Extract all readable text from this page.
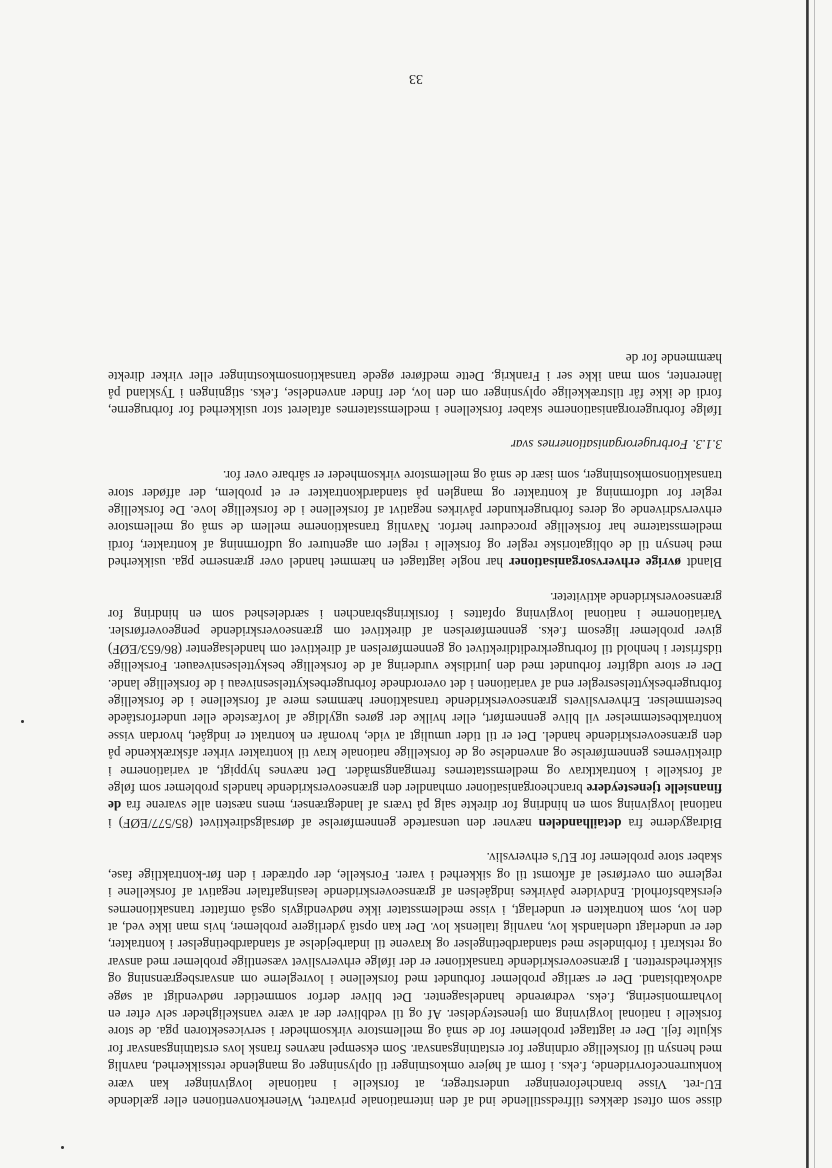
disse som oftest dækkes tilfredsstillende ind af den internationale privatret, Wienerkonventionen eller gældende EU-ret. Visse brancheforeninger understreger, at forskelle i nationale lovgivninger kan være konkurrenceforvridende, f.eks. i form af højere omkostninger til oplysninger og manglende retssikkerhed, navnlig med hensyn til forskellige ordninger for erstatningsansvar. Som eksempel nævnes fransk lovs erstatningsansvar for skjulte fejl. Der er iagttaget problemer for de små og mellemstore virksomheder i servicesektoren pga. de store forskelle i national lovgivning om tjenesteydelser. Af og til vedbliver der at være vanskeligheder selv efter en lovharmonisering, f.eks. vedrørende handelsagenter. Det bliver derfor sommetider nødvendigt at søge advokatbistand. Der er særlige problemer forbundet med forskellene i lovreglerne om ansvarsbegrænsning og sikkerhedsretten. I grænseoverskridende transaktioner er der ifølge erhvervslivet væsentlige problemer med ansvar og retskraft i forbindelse med standardbetingelser og kravene til indarbejdelse af standardbetingelser i kontrakter, der er underlagt udenlandsk lov, navnlig italiensk lov. Der kan opstå yderligere problemer, hvis man ikke ved, at den lov, som kontrakten er underlagt, i visse medlemsstater ikke nødvendigvis også omfatter transaktionernes ejerskabsforhold. Endvidere påvirkes indgåelsen af grænseoverskridende leasingaftaler negativt af forskellene i reglerne om overførsel af afkomst til og sikkerhed i varer. Forskelle, der optræder i den før-kontraktlige fase, skaber store problemer for EU's erhvervsliv.

Bidragyderne fra detailhandelen nævner den uensartede gennemførelse af dørsalgsdirektivet (85/577/EØF) i national lovgivning som en hindring for direkte salg på tværs af landegrænser, mens næsten alle svarene fra de finansielle tjenesteydere brancheorganisationer omhandler den grænseoverskridende handels problemer som følge af forskelle i kontraktkrav og medlemsstaternes fremgangsmåder. Det nævnes hyppigt, at variationerne i direktivernes gennemførelse og anvendelse og de forskellige nationale krav til kontrakter virker afskrækkende på den grænseoverskridende handel. Det er til tider umuligt at vide, hvornår en kontrakt er indgået, hvordan visse kontraktbestemmelser vil blive gennemført, eller hvilke der gøres ugyldige af lovfæstede eller underforståede bestemmelser. Erhvervslivets grænseoverskridende transaktioner hæmmes mere af forskellene i de forskellige forbrugerbeskyttelsesregler end af variationen i det overordnede forbrugerbeskyttelsesniveau i de forskellige lande. Der er store udgifter forbundet med den juridiske vurdering af de forskellige beskyttelsesniveauer. Forskellige tidsfrister i henhold til forbrugerkreditdirektivet og gennemførelsen af direktivet om handelsagenter (86/653/EØF) giver problemer ligesom f.eks. gennemførelsen af direktivet om grænseoverskridende pengeoverførsler. Variationerne i national lovgivning opfattes i forsikringsbranchen i særdeleshed som en hindring for grænseoverskridende aktiviteter.

Blandt øvrige erhvervsorganisationer har nogle iagttaget en hæmmet handel over grænserne pga. usikkerhed med hensyn til de obligatoriske regler og forskelle i regler om agenturer og udformning af kontrakter, fordi medlemsstaterne har forskellige procedurer herfor. Navnlig transaktionerne mellem de små og mellemstore erhvervsdrivende og deres forbrugerkunder påvirkes negativt af forskellene i de forskellige love. De forskellige regler for udformning af kontrakter og manglen på standardkontrakter er et problem, der afføder store transaktionsomkostninger, som især de små og mellemstore virksomheder er sårbare over for.

3.1.3.Forbrugerorganisationernes svar

Ifølge forbrugerorganisationerne skaber forskellene i medlemsstaternes aftaleret stor usikkerhed for forbrugerne, fordi de ikke får tilstrækkelige oplysninger om den lov, der finder anvendelse, f.eks. stigningen i Tyskland på lånerenter, som man ikke ser i Frankrig. Dette medfører øgede transaktionsomkostninger eller virker direkte hæmmende for de

33
